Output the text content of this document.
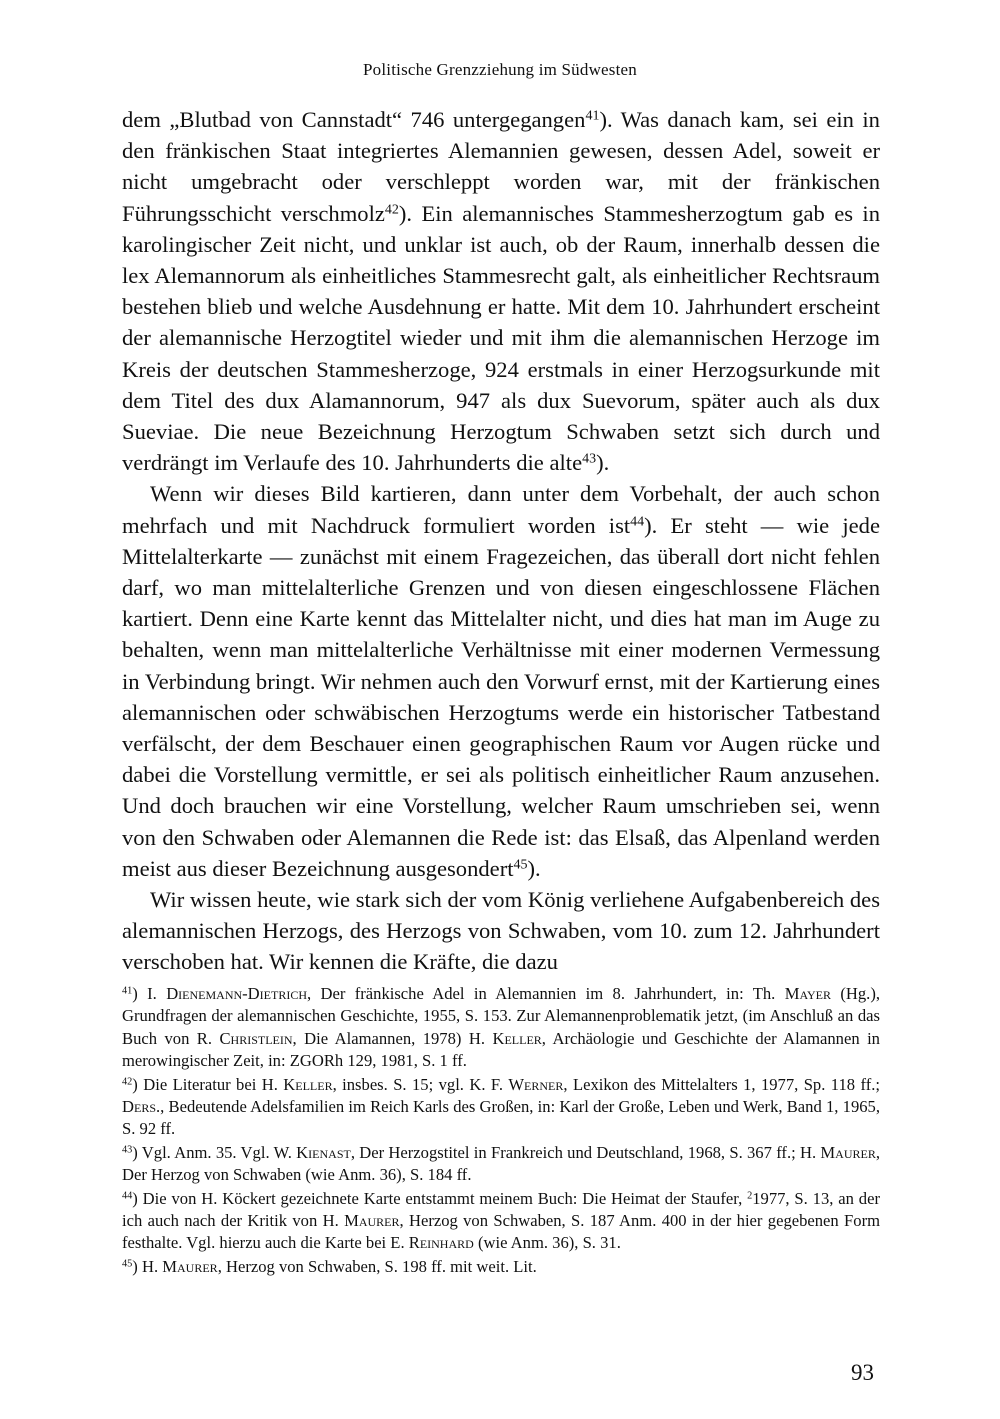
Politische Grenzziehung im Südwesten

dem „Blutbad von Cannstadt“ 746 untergegangen$^{41}$). Was danach kam, sei ein in den fränkischen Staat integriertes Alemannien gewesen, dessen Adel, soweit er nicht umgebracht oder verschleppt worden war, mit der fränkischen Führungsschicht verschmolz$^{42}$). Ein alemannisches Stammesherzogtum gab es in karolingischer Zeit nicht, und unklar ist auch, ob der Raum, innerhalb dessen die lex Alemannorum als einheitliches Stammesrecht galt, als einheitlicher Rechtsraum bestehen blieb und welche Ausdehnung er hatte. Mit dem 10. Jahrhundert erscheint der alemannische Herzogtitel wieder und mit ihm die alemannischen Herzoge im Kreis der deutschen Stammesherzoge, 924 erstmals in einer Herzogsurkunde mit dem Titel des dux Alamannorum, 947 als dux Suevorum, später auch als dux Sueviae. Die neue Bezeichnung Herzogtum Schwaben setzt sich durch und verdrängt im Verlaufe des 10. Jahrhunderts die alte$^{43}$).

Wenn wir dieses Bild kartieren, dann unter dem Vorbehalt, der auch schon mehrfach und mit Nachdruck formuliert worden ist$^{44}$). Er steht — wie jede Mittelalterkarte — zunächst mit einem Fragezeichen, das überall dort nicht fehlen darf, wo man mittelalterliche Grenzen und von diesen eingeschlossene Flächen kartiert. Denn eine Karte kennt das Mittelalter nicht, und dies hat man im Auge zu behalten, wenn man mittelalterliche Verhältnisse mit einer modernen Vermessung in Verbindung bringt. Wir nehmen auch den Vorwurf ernst, mit der Kartierung eines alemannischen oder schwäbischen Herzogtums werde ein historischer Tatbestand verfälscht, der dem Beschauer einen geographischen Raum vor Augen rücke und dabei die Vorstellung vermittle, er sei als politisch einheitlicher Raum anzusehen. Und doch brauchen wir eine Vorstellung, welcher Raum umschrieben sei, wenn von den Schwaben oder Alemannen die Rede ist: das Elsaß, das Alpenland werden meist aus dieser Bezeichnung ausgesondert$^{45}$).

Wir wissen heute, wie stark sich der vom König verliehene Aufgabenbereich des alemannischen Herzogs, des Herzogs von Schwaben, vom 10. zum 12. Jahrhundert verschoben hat. Wir kennen die Kräfte, die dazu

$^{41}$) I. Dienemann-Dietrich, Der fränkische Adel in Alemannien im 8. Jahrhundert, in: Th. Mayer (Hg.), Grundfragen der alemannischen Geschichte, 1955, S. 153. Zur Alemannenproblematik jetzt, (im Anschluß an das Buch von R. Christlein, Die Alamannen, 1978) H. Keller, Archäologie und Geschichte der Alamannen in merowingischer Zeit, in: ZGORh 129, 1981, S. 1 ff.

$^{42}$) Die Literatur bei H. Keller, insbes. S. 15; vgl. K. F. Werner, Lexikon des Mittelalters 1, 1977, Sp. 118 ff.; Ders., Bedeutende Adelsfamilien im Reich Karls des Großen, in: Karl der Große, Leben und Werk, Band 1, 1965, S. 92 ff.

$^{43}$) Vgl. Anm. 35. Vgl. W. Kienast, Der Herzogstitel in Frankreich und Deutschland, 1968, S. 367 ff.; H. Maurer, Der Herzog von Schwaben (wie Anm. 36), S. 184 ff.

$^{44}$) Die von H. Köckert gezeichnete Karte entstammt meinem Buch: Die Heimat der Staufer, $^2$1977, S. 13, an der ich auch nach der Kritik von H. Maurer, Herzog von Schwaben, S. 187 Anm. 400 in der hier gegebenen Form festhalte. Vgl. hierzu auch die Karte bei E. Reinhard (wie Anm. 36), S. 31.

$^{45}$) H. Maurer, Herzog von Schwaben, S. 198 ff. mit weit. Lit.

93
